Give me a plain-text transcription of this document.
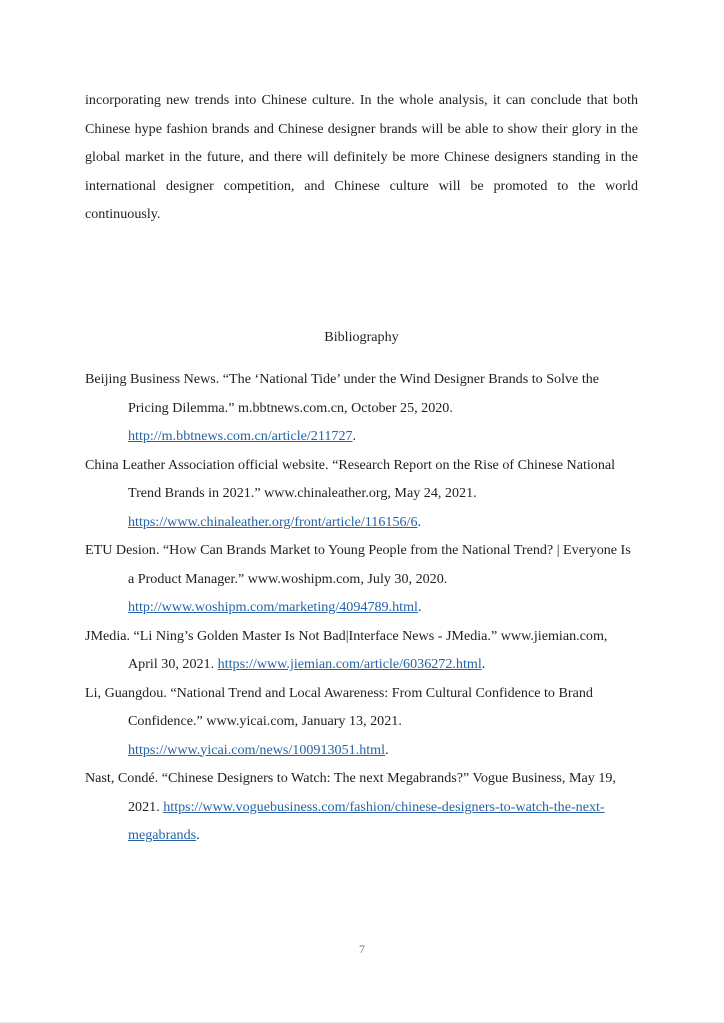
incorporating new trends into Chinese culture. In the whole analysis, it can conclude that both Chinese hype fashion brands and Chinese designer brands will be able to show their glory in the global market in the future, and there will definitely be more Chinese designers standing in the international designer competition, and Chinese culture will be promoted to the world continuously.

Bibliography

Beijing Business News. “The ‘National Tide’ under the Wind Designer Brands to Solve the Pricing Dilemma.” m.bbtnews.com.cn, October 25, 2020. http://m.bbtnews.com.cn/article/211727.

China Leather Association official website. “Research Report on the Rise of Chinese National Trend Brands in 2021.” www.chinaleather.org, May 24, 2021. https://www.chinaleather.org/front/article/116156/6.

ETU Desion. “How Can Brands Market to Young People from the National Trend? | Everyone Is a Product Manager.” www.woshipm.com, July 30, 2020. http://www.woshipm.com/marketing/4094789.html.

JMedia. “Li Ning’s Golden Master Is Not Bad|Interface News - JMedia.” www.jiemian.com, April 30, 2021. https://www.jiemian.com/article/6036272.html.

Li, Guangdou. “National Trend and Local Awareness: From Cultural Confidence to Brand Confidence.” www.yicai.com, January 13, 2021. https://www.yicai.com/news/100913051.html.

Nast, Condé. “Chinese Designers to Watch: The next Megabrands?” Vogue Business, May 19, 2021. https://www.voguebusiness.com/fashion/chinese-designers-to-watch-the-next-megabrands.

7
